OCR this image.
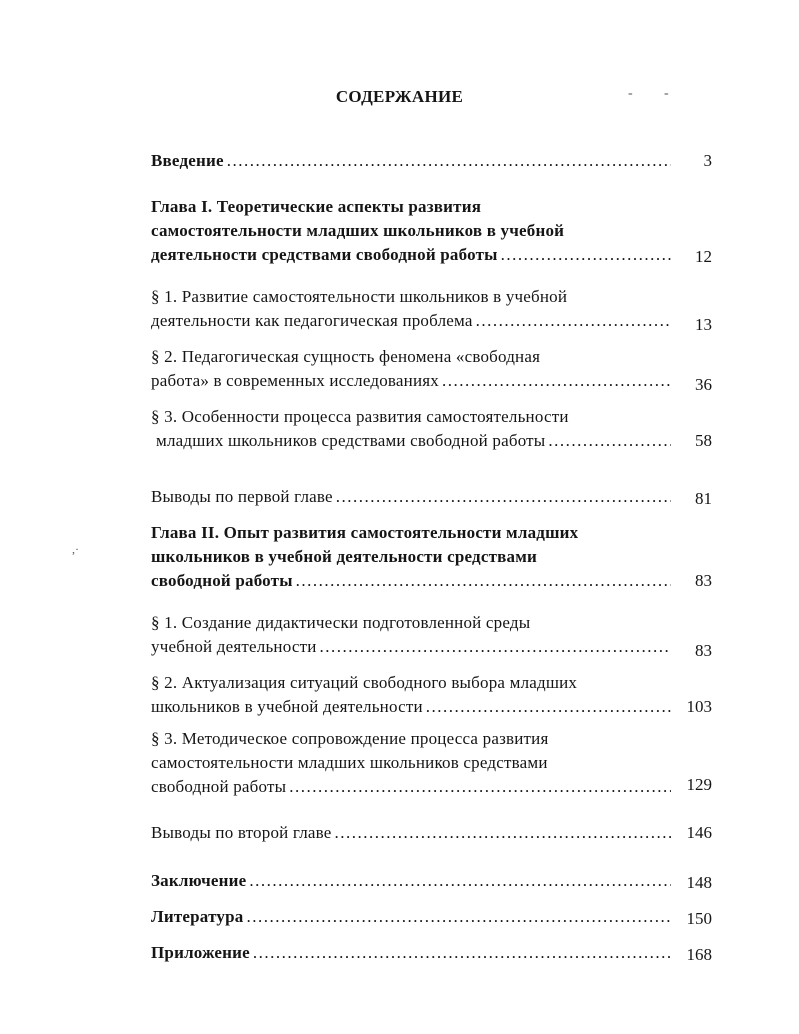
СОДЕРЖАНИЕ
Введение .....	3
Глава I. Теоретические аспекты развития
самостоятельности младших школьников в учебной
деятельности средствами свободной работы .....	12
§ 1. Развитие самостоятельности школьников в учебной
деятельности как педагогическая проблема .....	13
§ 2. Педагогическая сущность феномена «свободная
работа» в современных исследованиях .....	36
§ 3. Особенности процесса развития самостоятельности
младших школьников средствами свободной работы .....	58
Выводы по первой главе .....	81
Глава II. Опыт развития самостоятельности младших
школьников в учебной деятельности средствами
свободной работы .....	83
§ 1. Создание дидактически подготовленной среды
учебной деятельности .....	83
§ 2. Актуализация ситуаций свободного выбора младших
школьников в учебной деятельности .....	103
§ 3. Методическое сопровождение процесса развития
самостоятельности младших школьников средствами
свободной работы .....	129
Выводы по второй главе .....	146
Заключение .....	148
Литература .....	150
Приложение .....	168
- -
,·
